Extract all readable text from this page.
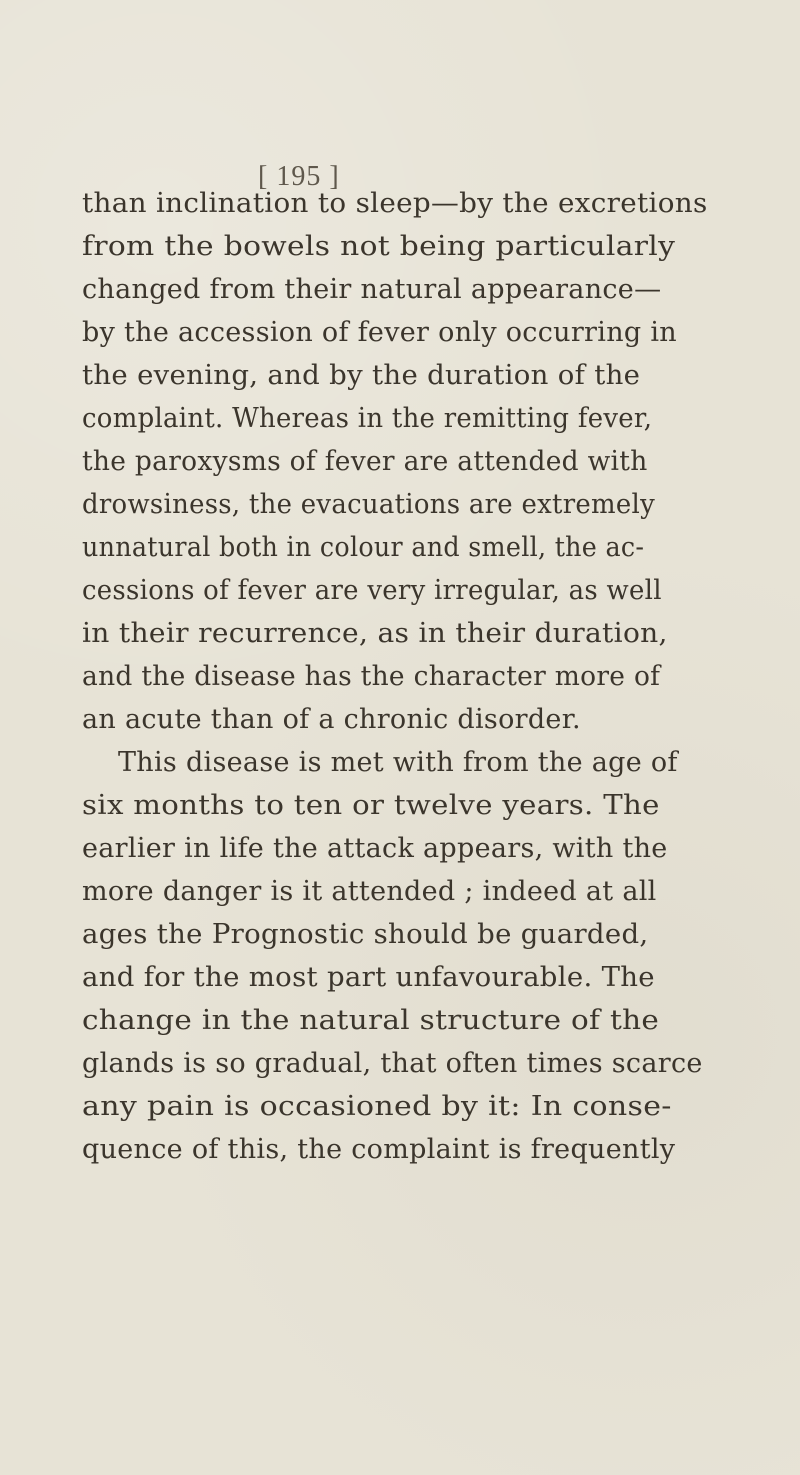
[ 195 ]
than inclination to sleep—by the excretions
from the bowels not being particularly
changed from their natural appearance—
by the accession of fever only occurring in
the evening, and by the duration of the
complaint. Whereas in the remitting fever,
the paroxysms of fever are attended with
drowsiness, the evacuations are extremely
unnatural both in colour and smell, the ac-
cessions of fever are very irregular, as well
in their recurrence, as in their duration,
and the disease has the character more of
an acute than of a chronic disorder.
This disease is met with from the age of
six months to ten or twelve years. The
earlier in life the attack appears, with the
more danger is it attended ; indeed at all
ages the Prognostic should be guarded,
and for the most part unfavourable. The
change in the natural structure of the
glands is so gradual, that often times scarce
any pain is occasioned by it: In conse-
quence of this, the complaint is frequently
